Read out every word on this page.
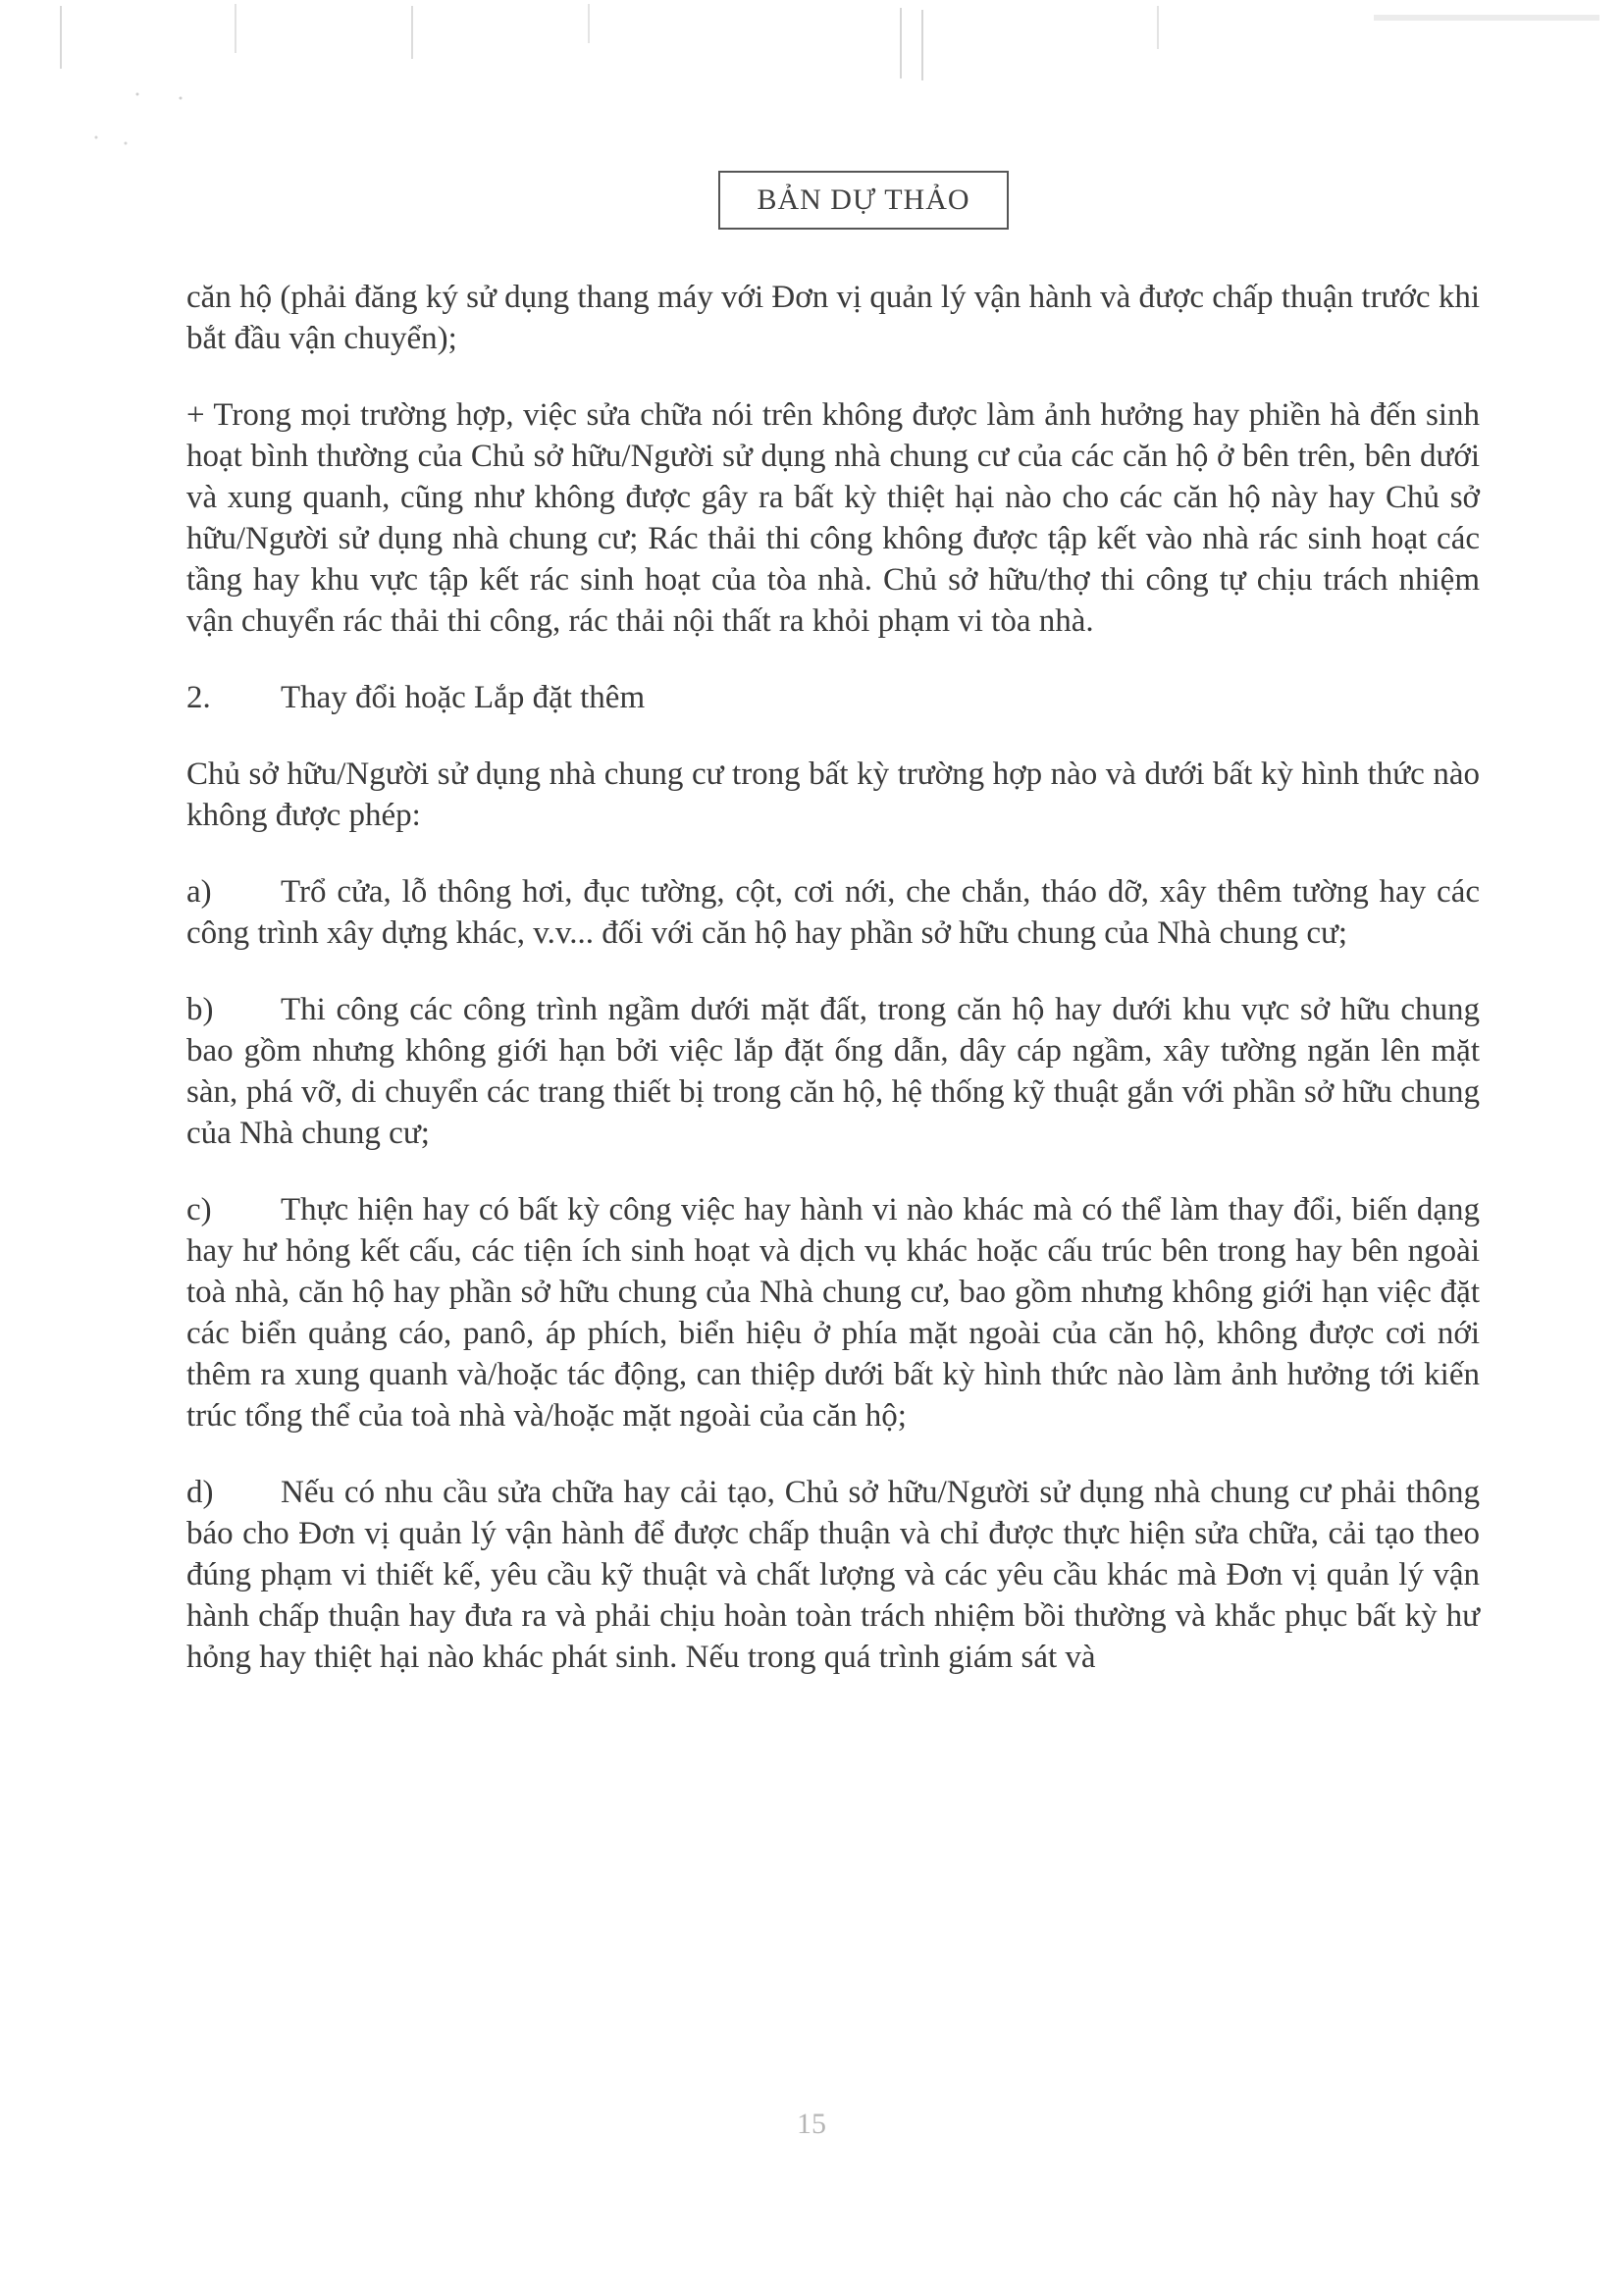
BẢN DỰ THẢO

căn hộ (phải đăng ký sử dụng thang máy với Đơn vị quản lý vận hành và được chấp thuận trước khi bắt đầu vận chuyển);

+ Trong mọi trường hợp, việc sửa chữa nói trên không được làm ảnh hưởng hay phiền hà đến sinh hoạt bình thường của Chủ sở hữu/Người sử dụng nhà chung cư của các căn hộ ở bên trên, bên dưới và xung quanh, cũng như không được gây ra bất kỳ thiệt hại nào cho các căn hộ này hay Chủ sở hữu/Người sử dụng nhà chung cư; Rác thải thi công không được tập kết vào nhà rác sinh hoạt các tầng hay khu vực tập kết rác sinh hoạt của tòa nhà. Chủ sở hữu/thợ thi công tự chịu trách nhiệm vận chuyển rác thải thi công, rác thải nội thất ra khỏi phạm vi tòa nhà.

2. Thay đổi hoặc Lắp đặt thêm

Chủ sở hữu/Người sử dụng nhà chung cư trong bất kỳ trường hợp nào và dưới bất kỳ hình thức nào không được phép:

a) Trổ cửa, lỗ thông hơi, đục tường, cột, cơi nới, che chắn, tháo dỡ, xây thêm tường hay các công trình xây dựng khác, v.v... đối với căn hộ hay phần sở hữu chung của Nhà chung cư;

b) Thi công các công trình ngầm dưới mặt đất, trong căn hộ hay dưới khu vực sở hữu chung bao gồm nhưng không giới hạn bởi việc lắp đặt ống dẫn, dây cáp ngầm, xây tường ngăn lên mặt sàn, phá vỡ, di chuyển các trang thiết bị trong căn hộ, hệ thống kỹ thuật gắn với phần sở hữu chung của Nhà chung cư;

c) Thực hiện hay có bất kỳ công việc hay hành vi nào khác mà có thể làm thay đổi, biến dạng hay hư hỏng kết cấu, các tiện ích sinh hoạt và dịch vụ khác hoặc cấu trúc bên trong hay bên ngoài toà nhà, căn hộ hay phần sở hữu chung của Nhà chung cư, bao gồm nhưng không giới hạn việc đặt các biển quảng cáo, panô, áp phích, biển hiệu ở phía mặt ngoài của căn hộ, không được cơi nới thêm ra xung quanh và/hoặc tác động, can thiệp dưới bất kỳ hình thức nào làm ảnh hưởng tới kiến trúc tổng thể của toà nhà và/hoặc mặt ngoài của căn hộ;

d) Nếu có nhu cầu sửa chữa hay cải tạo, Chủ sở hữu/Người sử dụng nhà chung cư phải thông báo cho Đơn vị quản lý vận hành để được chấp thuận và chỉ được thực hiện sửa chữa, cải tạo theo đúng phạm vi thiết kế, yêu cầu kỹ thuật và chất lượng và các yêu cầu khác mà Đơn vị quản lý vận hành chấp thuận hay đưa ra và phải chịu hoàn toàn trách nhiệm bồi thường và khắc phục bất kỳ hư hỏng hay thiệt hại nào khác phát sinh. Nếu trong quá trình giám sát và

15
